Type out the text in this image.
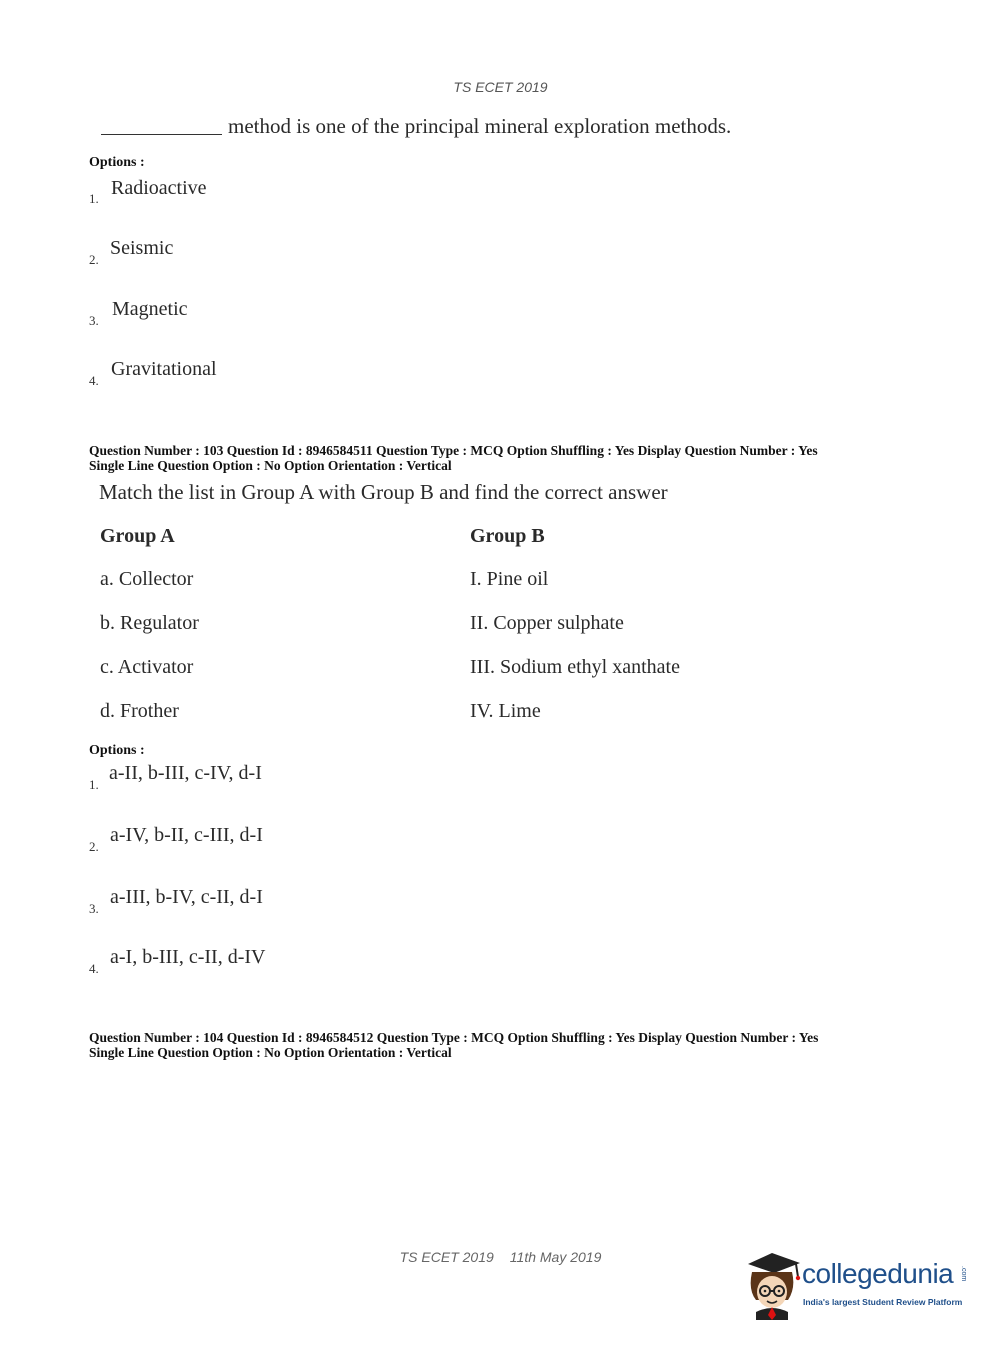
TS ECET 2019
method is one of the principal mineral exploration methods.
Options :
1. Radioactive
2.
Seismic
3.
Magnetic
4.
Gravitational
Question Number : 103 Question Id : 8946584511 Question Type : MCQ Option Shuffling : Yes Display Question Number : Yes
Single Line Question Option : No Option Orientation : Vertical
Match the list in Group A with Group B and find the correct answer
Group A	Group B
a. Collector
b. Regulator
c. Activator
d. Frother
I. Pine oil
II. Copper sulphate
III. Sodium ethyl xanthate
IV. Lime
Options :
1.
a-II, b-III, c-IV, d-I
2.
a-IV, b-II, c-III, d-I
3.
a-III, b-IV, c-II, d-I
4.
a-I, b-III, c-II, d-IV
Question Number : 104 Question Id : 8946584512 Question Type : MCQ Option Shuffling : Yes Display Question Number : Yes
Single Line Question Option : No Option Orientation : Vertical
TS ECET 2019 11th May 2019
collegedunia .com
India's largest Student Review Platform
